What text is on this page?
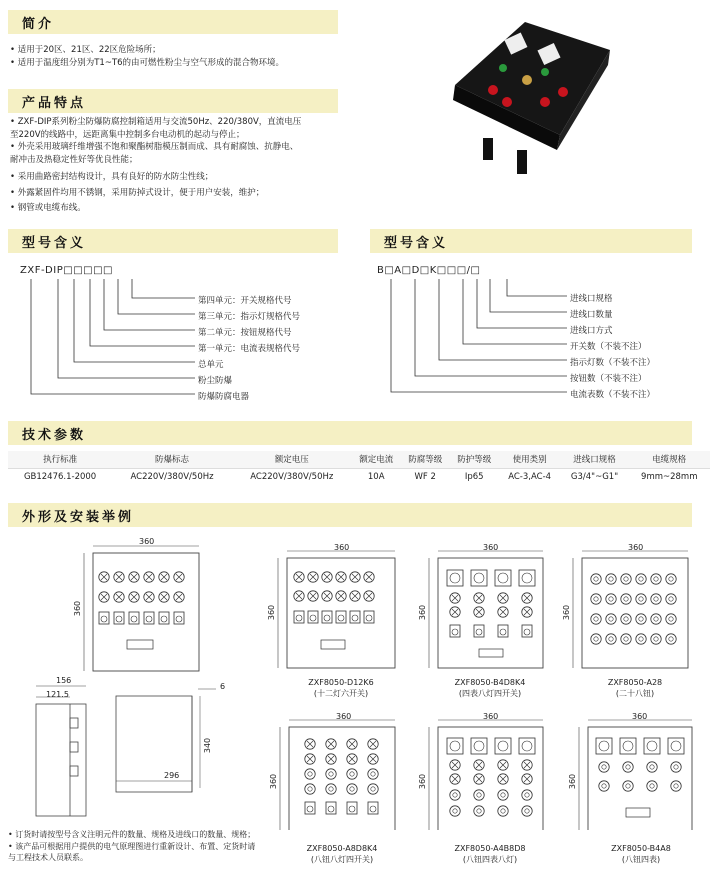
简介
产品特点
型号含义	型号含义
技术参数
外形及安装举例
• 适用于20区、21区、22区危险场所；
• 适用于温度组分别为T1~T6的由可燃性粉尘与空气形成的混合物环境。
• ZXF-DIP系列粉尘防爆防腐控制箱适用与交流50Hz、220/380V，直流电压
至220V的线路中，远距离集中控制多台电动机的起动与停止；
• 外壳采用玻璃纤维增强不饱和聚酯树脂模压制而成、具有耐腐蚀、抗静电、
耐冲击及热稳定性好等优良性能；
• 采用曲路密封结构设计，具有良好的防水防尘性线；
• 外露紧固件均用不锈钢，采用防掉式设计，便于用户安装，维护；
• 钢管或电缆布线。
ZXF-DIP□□□□□
第四单元：开关规格代号
第三单元：指示灯规格代号
第二单元：按钮规格代号
第一单元：电流表规格代号
总单元
粉尘防爆
防爆防腐电器
B□A□D□K□□□/□
进线口规格
进线口数量
进线口方式
开关数（不装不注）
指示灯数（不装不注）
按钮数（不装不注）
电流表数（不装不注）
执行标准	防爆标志	额定电压	额定电流	防腐等级	防护等级	使用类别	进线口规格	电缆规格
GB12476.1-2000	AC220V/380V/50Hz	AC220V/380V/50Hz	10A	WF 2	Ip65	AC-3,AC-4	G3/4"~G1"	9mm~28mm
360
360
156
121.5
340
296
6
360
360
360
360
360
360
360
360
360
360
360
360
ZXF8050-D12K6
(十二灯六开关)
ZXF8050-B4D8K4
(四表八灯四开关)
ZXF8050-A28
(二十八钮)
ZXF8050-A8D8K4
(八钮八灯四开关)
ZXF8050-A4B8D8
(八钮四表八灯)
ZXF8050-B4A8
(八钮四表)
• 订货时请按型号含义注明元件的数量、规格及进线口的数量、规格；
• 该产品可根据用户提供的电气原理图进行重新设计、布置、定货时请
与工程技术人员联系。
